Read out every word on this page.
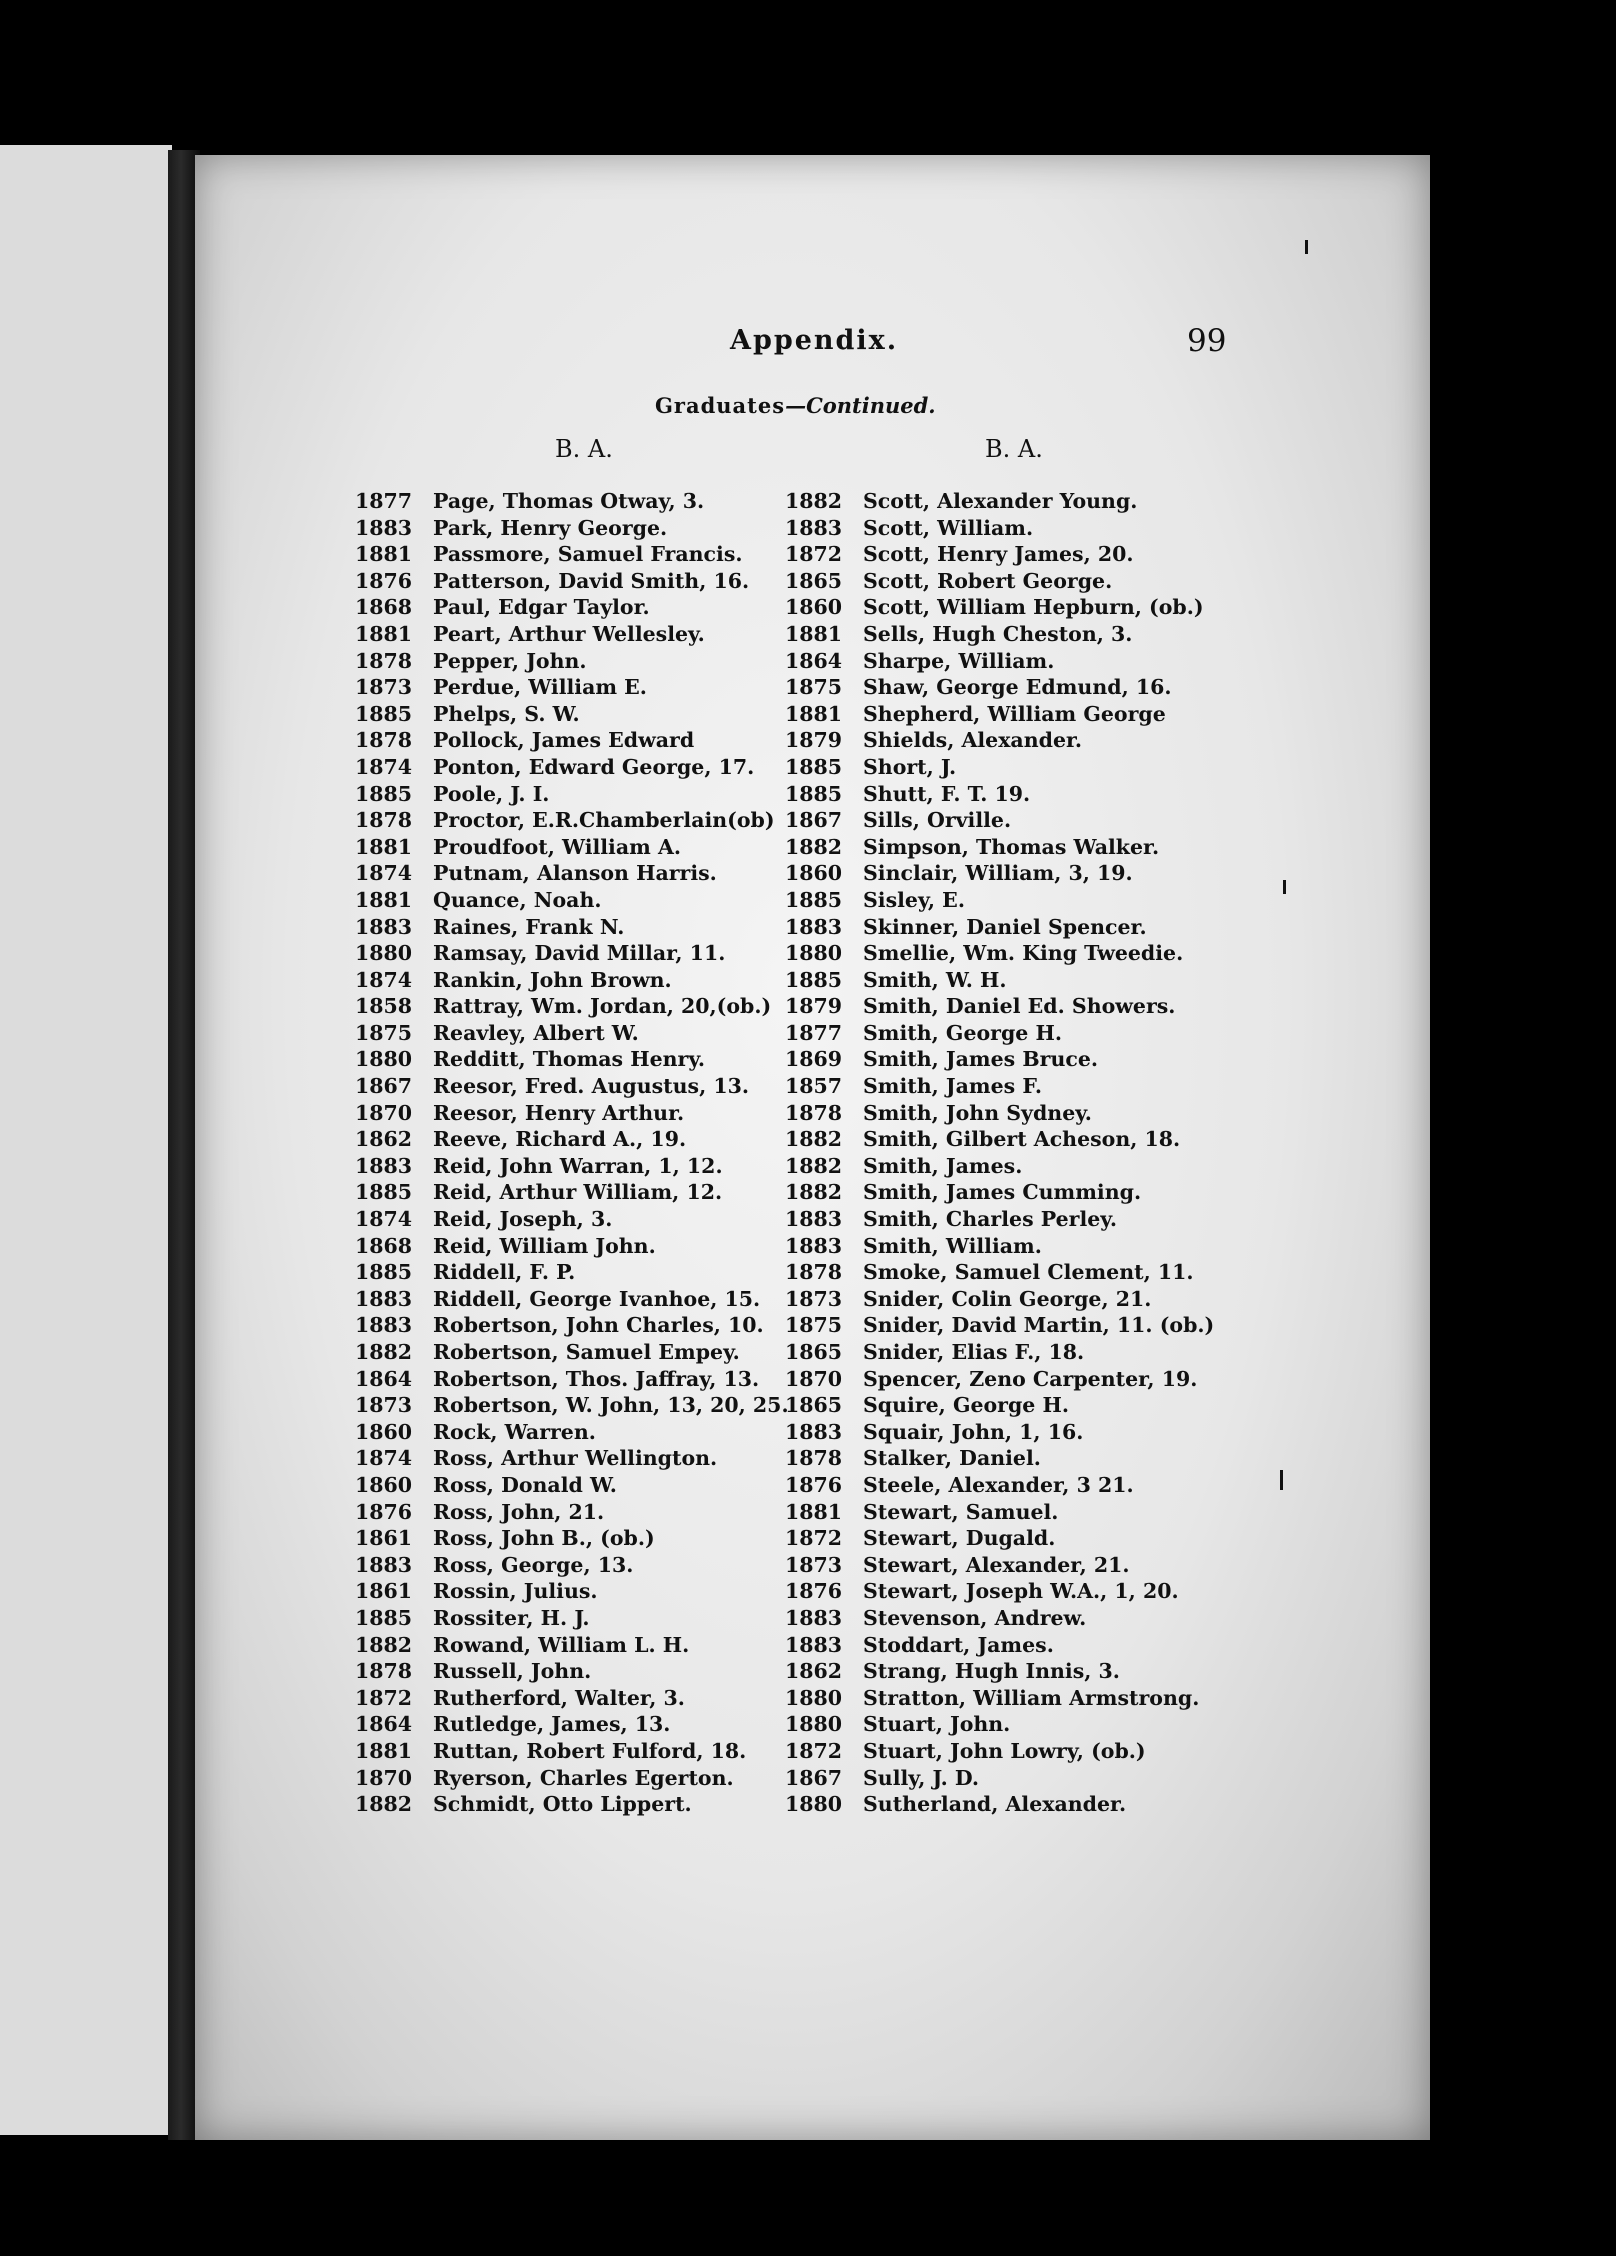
Appendix.	99
Graduates—Continued.
B. A.	B. A.
1877 Page, Thomas Otway, 3.
1883 Park, Henry George.
1881 Passmore, Samuel Francis.
1876 Patterson, David Smith, 16.
1868 Paul, Edgar Taylor.
1881 Peart, Arthur Wellesley.
1878 Pepper, John.
1873 Perdue, William E.
1885 Phelps, S. W.
1878 Pollock, James Edward
1874 Ponton, Edward George, 17.
1885 Poole, J. I.
1878 Proctor, E.R.Chamberlain(ob)
1881 Proudfoot, William A.
1874 Putnam, Alanson Harris.
1881 Quance, Noah.
1883 Raines, Frank N.
1880 Ramsay, David Millar, 11.
1874 Rankin, John Brown.
1858 Rattray, Wm. Jordan, 20,(ob.)
1875 Reavley, Albert W.
1880 Redditt, Thomas Henry.
1867 Reesor, Fred. Augustus, 13.
1870 Reesor, Henry Arthur.
1862 Reeve, Richard A., 19.
1883 Reid, John Warran, 1, 12.
1885 Reid, Arthur William, 12.
1874 Reid, Joseph, 3.
1868 Reid, William John.
1885 Riddell, F. P.
1883 Riddell, George Ivanhoe, 15.
1883 Robertson, John Charles, 10.
1882 Robertson, Samuel Empey.
1864 Robertson, Thos. Jaffray, 13.
1873 Robertson, W. John, 13, 20, 25.
1860 Rock, Warren.
1874 Ross, Arthur Wellington.
1860 Ross, Donald W.
1876 Ross, John, 21.
1861 Ross, John B., (ob.)
1883 Ross, George, 13.
1861 Rossin, Julius.
1885 Rossiter, H. J.
1882 Rowand, William L. H.
1878 Russell, John.
1872 Rutherford, Walter, 3.
1864 Rutledge, James, 13.
1881 Ruttan, Robert Fulford, 18.
1870 Ryerson, Charles Egerton.
1882 Schmidt, Otto Lippert.
1882 Scott, Alexander Young.
1883 Scott, William.
1872 Scott, Henry James, 20.
1865 Scott, Robert George.
1860 Scott, William Hepburn, (ob.)
1881 Sells, Hugh Cheston, 3.
1864 Sharpe, William.
1875 Shaw, George Edmund, 16.
1881 Shepherd, William George
1879 Shields, Alexander.
1885 Short, J.
1885 Shutt, F. T. 19.
1867 Sills, Orville.
1882 Simpson, Thomas Walker.
1860 Sinclair, William, 3, 19.
1885 Sisley, E.
1883 Skinner, Daniel Spencer.
1880 Smellie, Wm. King Tweedie.
1885 Smith, W. H.
1879 Smith, Daniel Ed. Showers.
1877 Smith, George H.
1869 Smith, James Bruce.
1857 Smith, James F.
1878 Smith, John Sydney.
1882 Smith, Gilbert Acheson, 18.
1882 Smith, James.
1882 Smith, James Cumming.
1883 Smith, Charles Perley.
1883 Smith, William.
1878 Smoke, Samuel Clement, 11.
1873 Snider, Colin George, 21.
1875 Snider, David Martin, 11. (ob.)
1865 Snider, Elias F., 18.
1870 Spencer, Zeno Carpenter, 19.
1865 Squire, George H.
1883 Squair, John, 1, 16.
1878 Stalker, Daniel.
1876 Steele, Alexander, 3 21.
1881 Stewart, Samuel.
1872 Stewart, Dugald.
1873 Stewart, Alexander, 21.
1876 Stewart, Joseph W.A., 1, 20.
1883 Stevenson, Andrew.
1883 Stoddart, James.
1862 Strang, Hugh Innis, 3.
1880 Stratton, William Armstrong.
1880 Stuart, John.
1872 Stuart, John Lowry, (ob.)
1867 Sully, J. D.
1880 Sutherland, Alexander.
